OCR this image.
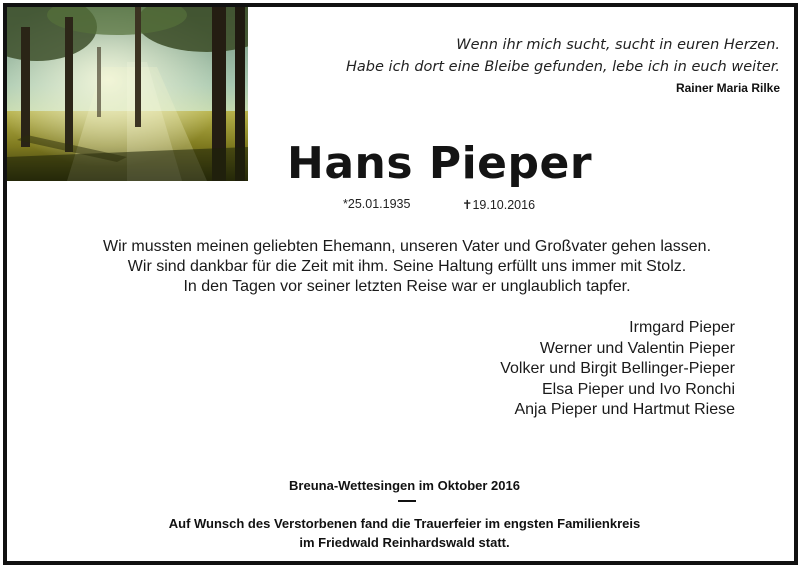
Wenn ihr mich sucht, sucht in euren Herzen.
Habe ich dort eine Bleibe gefunden, lebe ich in euch weiter.
Rainer Maria Rilke
Hans Pieper
*25.01.1935	✝19.10.2016
Wir mussten meinen geliebten Ehemann, unseren Vater und Großvater gehen lassen.
Wir sind dankbar für die Zeit mit ihm. Seine Haltung erfüllt uns immer mit Stolz.
In den Tagen vor seiner letzten Reise war er unglaublich tapfer.
Irmgard Pieper
Werner und Valentin Pieper
Volker und Birgit Bellinger-Pieper
Elsa Pieper und Ivo Ronchi
Anja Pieper und Hartmut Riese
Breuna-Wettesingen im Oktober 2016
Auf Wunsch des Verstorbenen fand die Trauerfeier im engsten Familienkreis
im Friedwald Reinhardswald statt.
